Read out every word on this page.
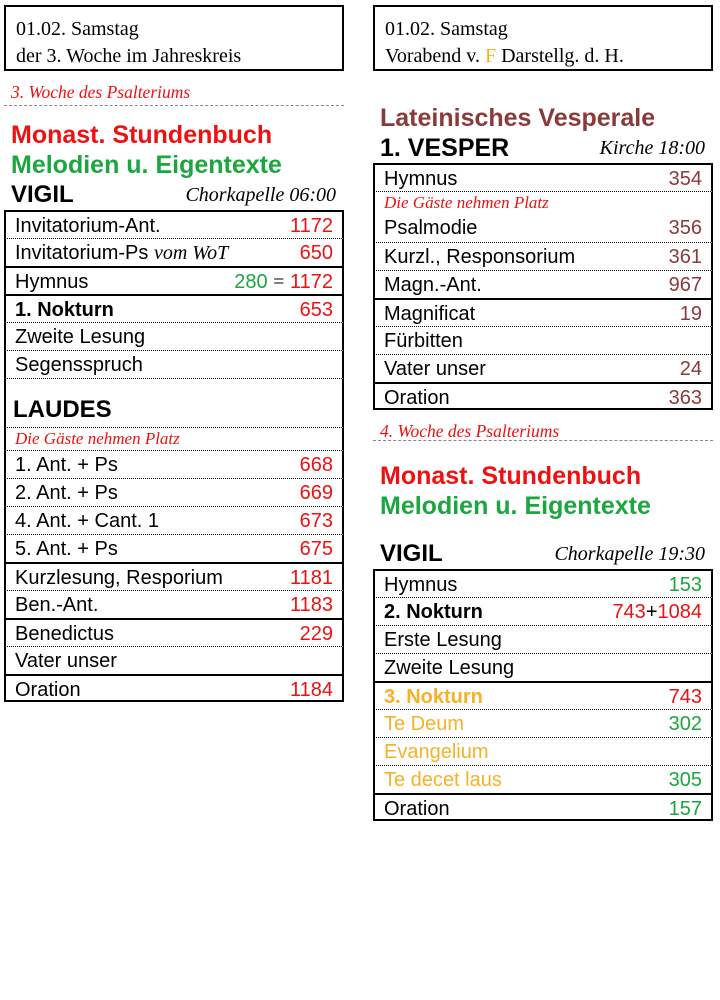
01.02. Samstag
der 3. Woche im Jahreskreis
3. Woche des Psalteriums
Monast. Stundenbuch
Melodien u. Eigentexte
VIGIL	Chorkapelle 06:00
Invitatorium-Ant.	1172
Invitatorium-Ps vom WoT	650
Hymnus	280 = 1172
1. Nokturn	653
Zweite Lesung
Segensspruch
LAUDES
Die Gäste nehmen Platz
1. Ant. + Ps	668
2. Ant. + Ps	669
4. Ant. + Cant. 1	673
5. Ant. + Ps	675
Kurzlesung, Resporium	1181
Ben.-Ant.	1183
Benedictus	229
Vater unser
Oration	1184
01.02. Samstag
Vorabend v. F Darstellg. d. H.
Lateinisches Vesperale
1. VESPER	Kirche 18:00
Hymnus	354
Die Gäste nehmen Platz
Psalmodie	356
Kurzl., Responsorium	361
Magn.-Ant.	967
Magnificat	19
Fürbitten
Vater unser	24
Oration	363
4. Woche des Psalteriums
Monast. Stundenbuch
Melodien u. Eigentexte
VIGIL	Chorkapelle 19:30
Hymnus	153
2. Nokturn	743+1084
Erste Lesung
Zweite Lesung
3. Nokturn	743
Te Deum	302
Evangelium
Te decet laus	305
Oration	157
